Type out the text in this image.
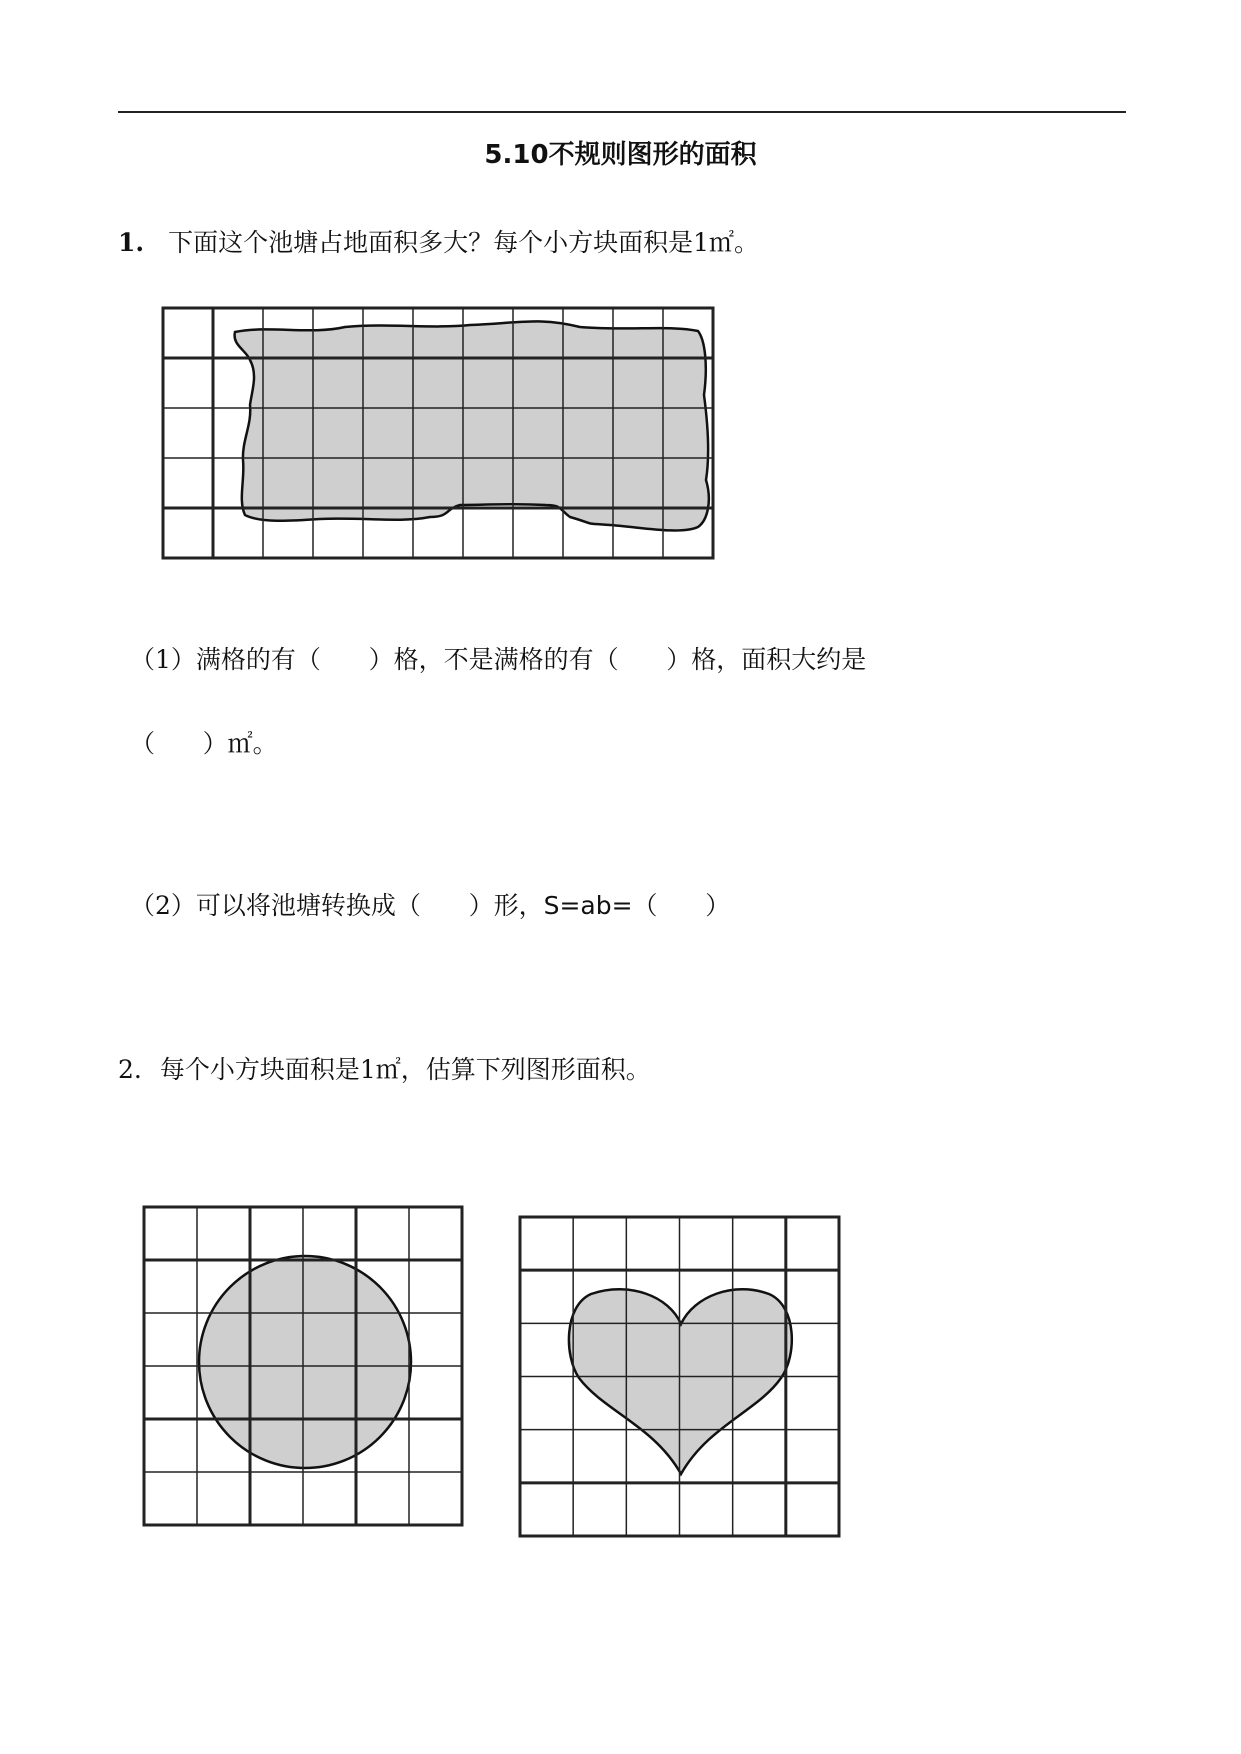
5.10不规则图形的面积
1. 下面这个池塘占地面积多大？每个小方块面积是1㎡。
（1）满格的有（      ）格，不是满格的有（      ）格，面积大约是
（      ）㎡。
（2）可以将池塘转换成（      ）形，S=ab=（      ）
2. 每个小方块面积是1㎡，估算下列图形面积。
